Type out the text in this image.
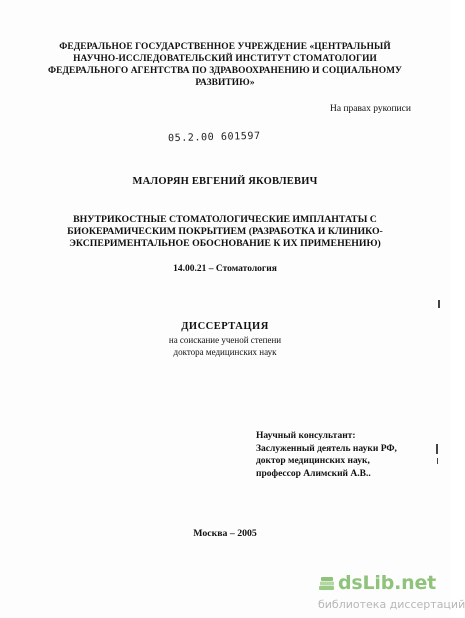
ФЕДЕРАЛЬНОЕ ГОСУДАРСТВЕННОЕ УЧРЕЖДЕНИЕ «ЦЕНТРАЛЬНЫЙ
НАУЧНО-ИССЛЕДОВАТЕЛЬСКИЙ ИНСТИТУТ СТОМАТОЛОГИИ
ФЕДЕРАЛЬНОГО АГЕНТСТВА ПО ЗДРАВООХРАНЕНИЮ И СОЦИАЛЬНОМУ
РАЗВИТИЮ»
На правах рукописи
05.2.00 601597
МАЛОРЯН ЕВГЕНИЙ ЯКОВЛЕВИЧ
ВНУТРИКОСТНЫЕ СТОМАТОЛОГИЧЕСКИЕ ИМПЛАНТАТЫ С
БИОКЕРАМИЧЕСКИМ ПОКРЫТИЕМ (РАЗРАБОТКА И КЛИНИКО-
ЭКСПЕРИМЕНТАЛЬНОЕ ОБОСНОВАНИЕ К ИХ ПРИМЕНЕНИЮ)
14.00.21 – Стоматология
ДИССЕРТАЦИЯ
на соискание ученой степени
доктора медицинских наук
Научный консультант:
Заслуженный деятель науки РФ,
доктор медицинских наук,
профессор Алимский А.В..
Москва – 2005
dsLib.net
библиотека диссертаций
